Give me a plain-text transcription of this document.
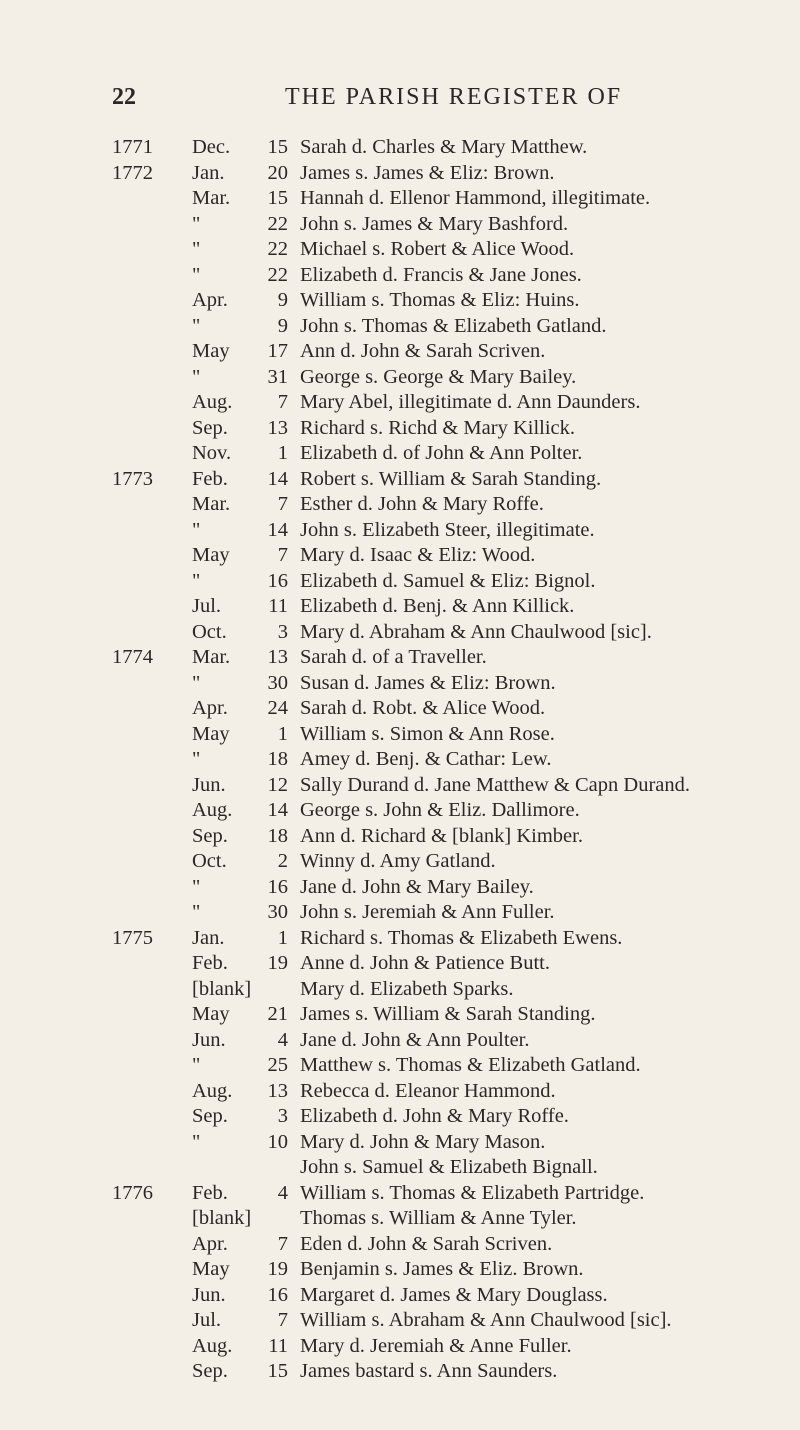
22	THE PARISH REGISTER OF
1771	Dec.	15 Sarah d. Charles & Mary Matthew.
1772	Jan.	20 James s. James & Eliz: Brown.
Mar.	15 Hannah d. Ellenor Hammond, illegitimate.
"	22 John s. James & Mary Bashford.
"	22 Michael s. Robert & Alice Wood.
"	22 Elizabeth d. Francis & Jane Jones.
Apr.	9 William s. Thomas & Eliz: Huins.
"	9 John s. Thomas & Elizabeth Gatland.
May	17 Ann d. John & Sarah Scriven.
"	31 George s. George & Mary Bailey.
Aug.	7 Mary Abel, illegitimate d. Ann Daunders.
Sep.	13 Richard s. Richd & Mary Killick.
Nov.	1 Elizabeth d. of John & Ann Polter.
1773	Feb.	14 Robert s. William & Sarah Standing.
Mar.	7 Esther d. John & Mary Roffe.
"	14 John s. Elizabeth Steer, illegitimate.
May	7 Mary d. Isaac & Eliz: Wood.
"	16 Elizabeth d. Samuel & Eliz: Bignol.
Jul.	11 Elizabeth d. Benj. & Ann Killick.
Oct.	3 Mary d. Abraham & Ann Chaulwood [sic].
1774	Mar.	13 Sarah d. of a Traveller.
"	30 Susan d. James & Eliz: Brown.
Apr.	24 Sarah d. Robt. & Alice Wood.
May	1 William s. Simon & Ann Rose.
"	18 Amey d. Benj. & Cathar: Lew.
Jun.	12 Sally Durand d. Jane Matthew & Capn Durand.
Aug.	14 George s. John & Eliz. Dallimore.
Sep.	18 Ann d. Richard & [blank] Kimber.
Oct.	2 Winny d. Amy Gatland.
"	16 Jane d. John & Mary Bailey.
"	30 John s. Jeremiah & Ann Fuller.
1775	Jan.	1 Richard s. Thomas & Elizabeth Ewens.
Feb.	19 Anne d. John & Patience Butt.
[blank]	Mary d. Elizabeth Sparks.
May	21 James s. William & Sarah Standing.
Jun.	4 Jane d. John & Ann Poulter.
"	25 Matthew s. Thomas & Elizabeth Gatland.
Aug.	13 Rebecca d. Eleanor Hammond.
Sep.	3 Elizabeth d. John & Mary Roffe.
"	10 Mary d. John & Mary Mason.
John s. Samuel & Elizabeth Bignall.
1776	Feb.	4 William s. Thomas & Elizabeth Partridge.
[blank]	Thomas s. William & Anne Tyler.
Apr.	7 Eden d. John & Sarah Scriven.
May	19 Benjamin s. James & Eliz. Brown.
Jun.	16 Margaret d. James & Mary Douglass.
Jul.	7 William s. Abraham & Ann Chaulwood [sic].
Aug.	11 Mary d. Jeremiah & Anne Fuller.
Sep.	15 James bastard s. Ann Saunders.
